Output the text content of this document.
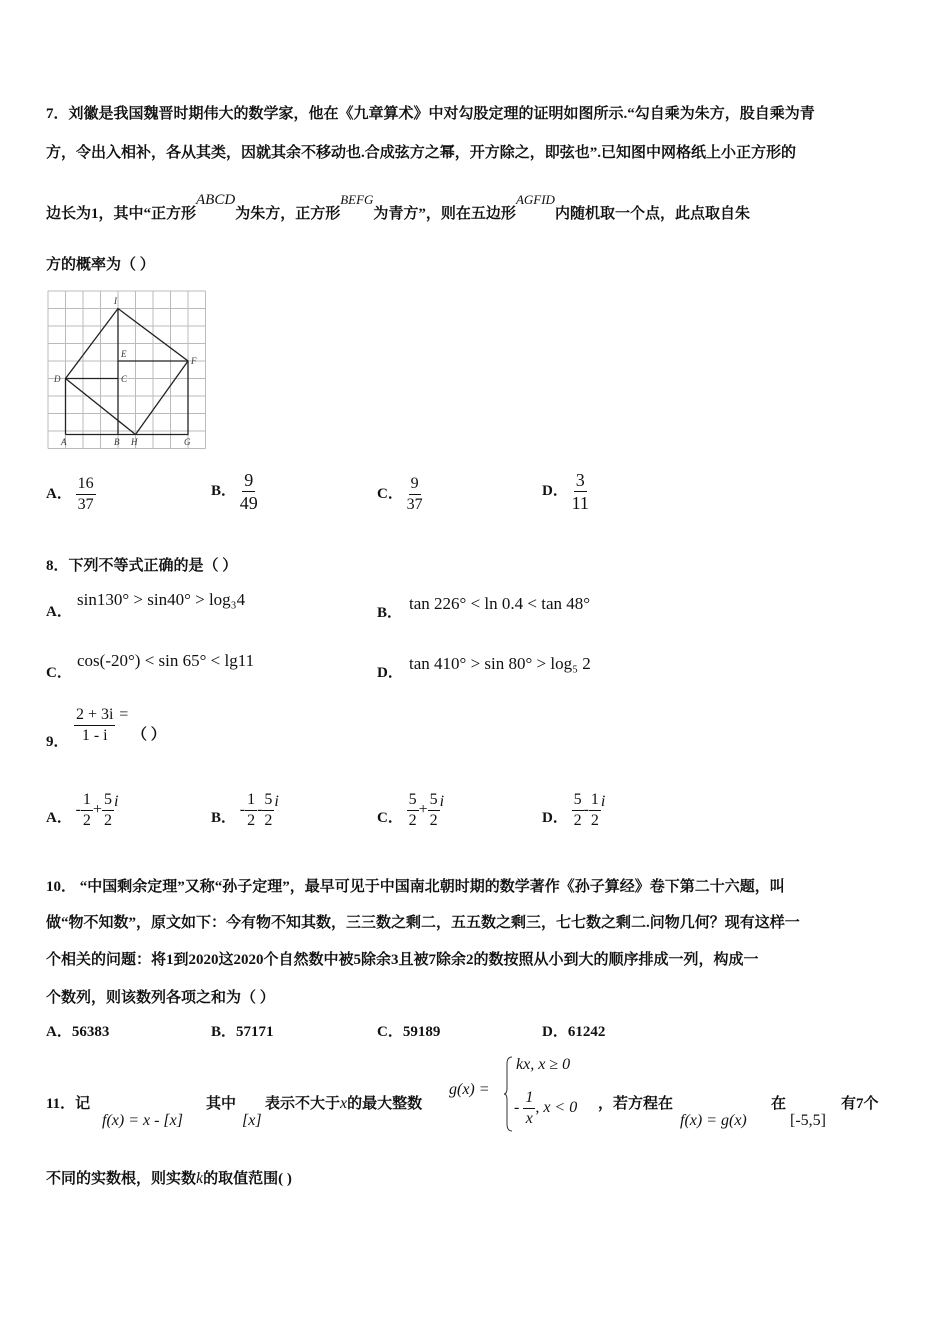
7．刘徽是我国魏晋时期伟大的数学家，他在《九章算术》中对勾股定理的证明如图所示.“勾自乘为朱方，股自乘为青
方，令出入相补，各从其类，因就其余不移动也.合成弦方之幂，开方除之，即弦也”.已知图中网格纸上小正方形的
边长为1，其中“正方形ABCD为朱方，正方形BEFG为青方”，则在五边形AGFID内随机取一个点，此点取自朱
方的概率为（ ）
I
E
F
D	C
A	B H	G
A． $\frac{16}{37}$	B． $\frac{9}{49}$	C． $\frac{9}{37}$	D． $\frac{3}{11}$
8．下列不等式正确的是（ ）
A．
sin130° > sin40° > log₃4
B． tan 226° < ln 0.4 < tan 48°
C．
cos(-20°) < sin 65° < lg11
D． tan 410° > sin 80° > log₅ 2
9． $\frac{2 + 3i}{1 - i}$ = （ ）
A． - $\frac{1}{2} + \frac{5}{2}$ i
B． - $\frac{1}{2} - \frac{5}{2}$ i
C． $\frac{5}{2} + \frac{5}{2}$ i
D． $\frac{5}{2} - \frac{1}{2}$ i
10． “中国剩余定理”又称“孙子定理”，最早可见于中国南北朝时期的数学著作《孙子算经》卷下第二十六题，叫
做“物不知数”，原文如下：今有物不知其数，三三数之剩二，五五数之剩三，七七数之剩二.问物几何？现有这样一
个相关的问题：将1到2020这2020个自然数中被5除余3且被7除余2的数按照从小到大的顺序排成一列，构成一
个数列，则该数列各项之和为（ ）
A．56383	B．57171	C．59189	D．61242
11．记
f(x) = x - [x]
其中
[x]
表示不大于x的最大整数
g(x) =
kx, x ≥ 0
- $\frac{1}{x}$ , x < 0 ，若方程在
f(x) = g(x)
在
[-5,5]
有7个
不同的实数根，则实数k的取值范围( )
